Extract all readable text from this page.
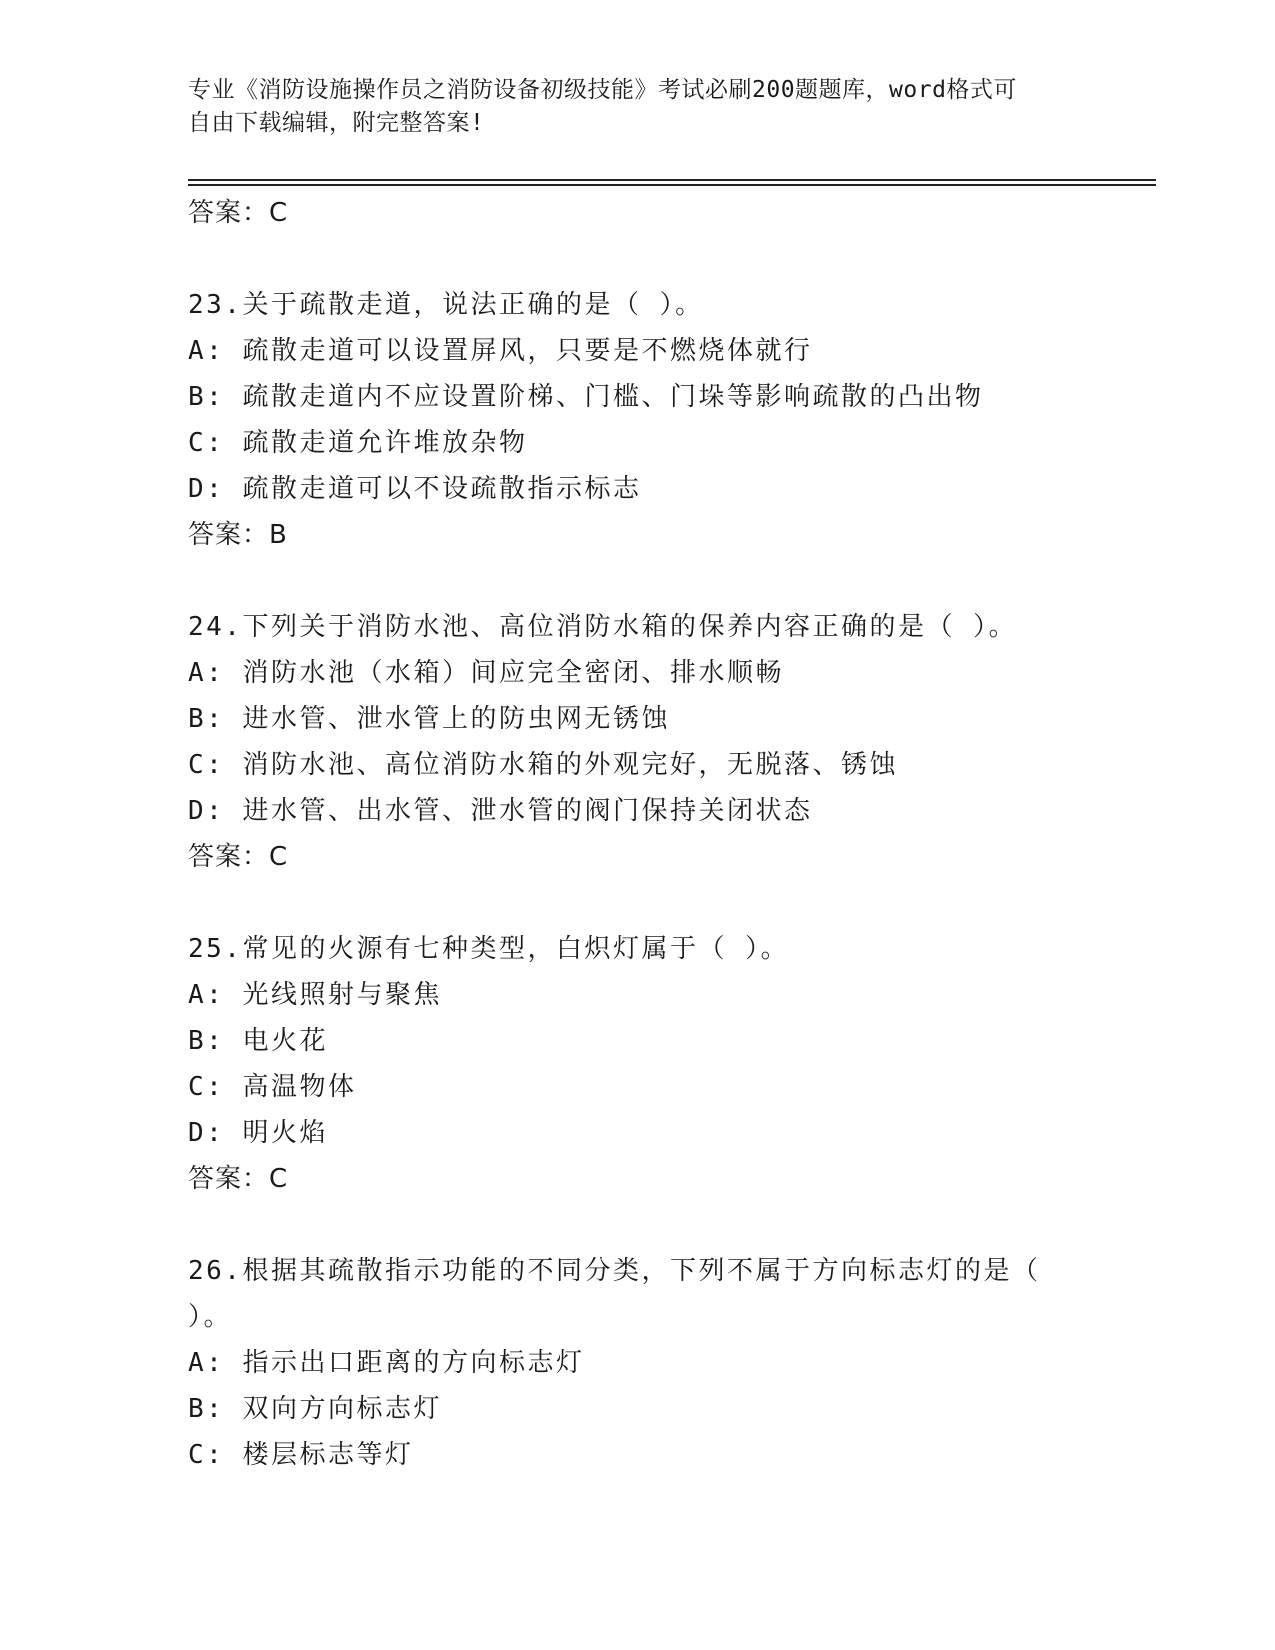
专业《消防设施操作员之消防设备初级技能》考试必刷200题题库，word格式可
自由下载编辑，附完整答案!
答案：C
23.关于疏散走道，说法正确的是（ ）。
A: 疏散走道可以设置屏风，只要是不燃烧体就行
B: 疏散走道内不应设置阶梯、门槛、门垛等影响疏散的凸出物
C: 疏散走道允许堆放杂物
D: 疏散走道可以不设疏散指示标志
答案：B
24.下列关于消防水池、高位消防水箱的保养内容正确的是（ ）。
A: 消防水池（水箱）间应完全密闭、排水顺畅
B: 进水管、泄水管上的防虫网无锈蚀
C: 消防水池、高位消防水箱的外观完好，无脱落、锈蚀
D: 进水管、出水管、泄水管的阀门保持关闭状态
答案：C
25.常见的火源有七种类型，白炽灯属于（ ）。
A: 光线照射与聚焦
B: 电火花
C: 高温物体
D: 明火焰
答案：C
26.根据其疏散指示功能的不同分类，下列不属于方向标志灯的是（
）。
A: 指示出口距离的方向标志灯
B: 双向方向标志灯
C: 楼层标志等灯
